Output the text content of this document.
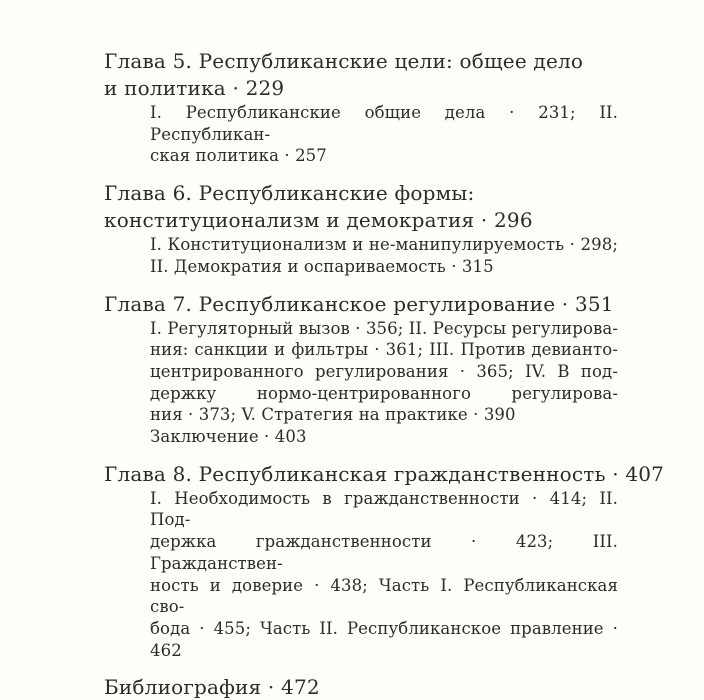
Глава 5. Республиканские цели: общее дело
и политика · 229
I. Республиканские общие дела · 231; II. Республикан-
ская политика · 257
Глава 6. Республиканские формы:
конституционализм и демократия · 296
I. Конституционализм и не-манипулируемость · 298;
II. Демократия и оспариваемость · 315
Глава 7. Республиканское регулирование · 351
I. Регуляторный вызов · 356; II. Ресурсы регулирова-
ния: санкции и фильтры · 361; III. Против девианто-
центрированного регулирования · 365; IV. В под-
держку нормо-центрированного регулирова-
ния · 373; V. Стратегия на практике · 390
Заключение · 403
Глава 8. Республиканская гражданственность · 407
I. Необходимость в гражданственности · 414; II. Под-
держка гражданственности · 423; III. Гражданствен-
ность и доверие · 438; Часть I. Республиканская сво-
бода · 455; Часть II. Республиканское правление · 462
Библиография · 472
